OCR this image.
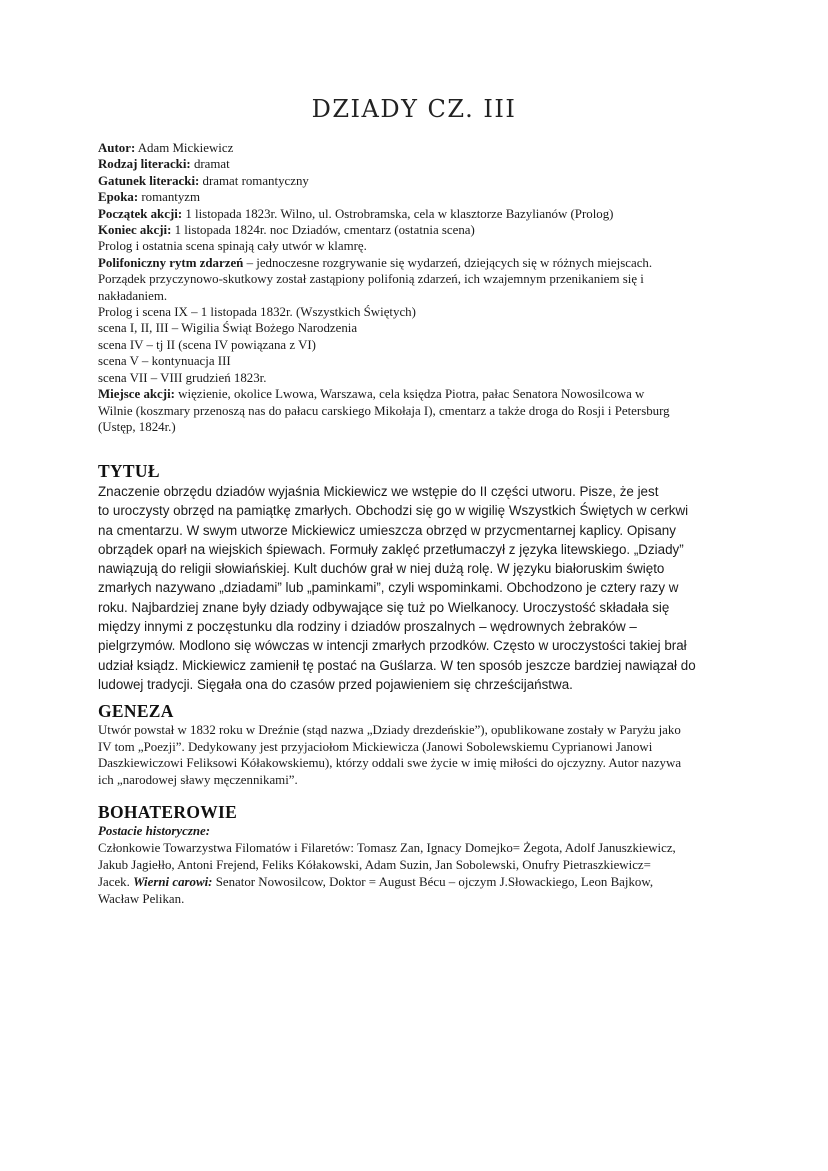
DZIADY CZ. III
Autor: Adam Mickiewicz
Rodzaj literacki: dramat
Gatunek literacki: dramat romantyczny
Epoka: romantyzm
Początek akcji: 1 listopada 1823r. Wilno, ul. Ostrobramska, cela w klasztorze Bazylianów (Prolog)
Koniec akcji: 1 listopada 1824r. noc Dziadów, cmentarz (ostatnia scena)
Prolog i ostatnia scena spinają cały utwór w klamrę.
Polifoniczny rytm zdarzeń – jednoczesne rozgrywanie się wydarzeń, dziejących się w różnych miejscach.
Porządek przyczynowo-skutkowy został zastąpiony polifonią zdarzeń, ich wzajemnym przenikaniem się i
nakładaniem.
Prolog i scena IX – 1 listopada 1832r. (Wszystkich Świętych)
scena I, II, III – Wigilia Świąt Bożego Narodzenia
scena IV – tj II (scena IV powiązana z VI)
scena V – kontynuacja III
scena VII – VIII grudzień 1823r.
Miejsce akcji: więzienie, okolice Lwowa, Warszawa, cela księdza Piotra, pałac Senatora Nowosilcowa w
Wilnie (koszmary przenoszą nas do pałacu carskiego Mikołaja I), cmentarz a także droga do Rosji i Petersburg
(Ustęp, 1824r.)
TYTUŁ
Znaczenie obrzędu dziadów wyjaśnia Mickiewicz we wstępie do II części utworu. Pisze, że jest
to uroczysty obrzęd na pamiątkę zmarłych. Obchodzi się go w wigilię Wszystkich Świętych w cerkwi
na cmentarzu. W swym utworze Mickiewicz umieszcza obrzęd w przycmentarnej kaplicy. Opisany
obrządek oparł na wiejskich śpiewach. Formuły zaklęć przetłumaczył z języka litewskiego. „Dziady”
nawiązują do religii słowiańskiej. Kult duchów grał w niej dużą rolę. W języku białoruskim święto
zmarłych nazywano „dziadami” lub „paminkami”, czyli wspominkami. Obchodzono je cztery razy w
roku. Najbardziej znane były dziady odbywające się tuż po Wielkanocy. Uroczystość składała się
między innymi z poczęstunku dla rodziny i dziadów proszalnych – wędrownych żebraków –
pielgrzymów. Modlono się wówczas w intencji zmarłych przodków. Często w uroczystości takiej brał
udział ksiądz. Mickiewicz zamienił tę postać na Guślarza. W ten sposób jeszcze bardziej nawiązał do
ludowej tradycji. Sięgała ona do czasów przed pojawieniem się chrześcijaństwa.
GENEZA
Utwór powstał w 1832 roku w Dreźnie (stąd nazwa „Dziady drezdeńskie”), opublikowane zostały w Paryżu jako
IV tom „Poezji”. Dedykowany jest przyjaciołom Mickiewicza (Janowi Sobolewskiemu Cyprianowi Janowi
Daszkiewiczowi Feliksowi Kółakowskiemu), którzy oddali swe życie w imię miłości do ojczyzny. Autor nazywa
ich „narodowej sławy męczennikami”.
BOHATEROWIE
Postacie historyczne:
Członkowie Towarzystwa Filomatów i Filaretów: Tomasz Zan, Ignacy Domejko= Żegota, Adolf Januszkiewicz,
Jakub Jagiełło, Antoni Frejend, Feliks Kółakowski, Adam Suzin, Jan Sobolewski, Onufry Pietraszkiewicz=
Jacek. Wierni carowi: Senator Nowosilcow, Doktor = August Bécu – ojczym J.Słowackiego, Leon Bajkow,
Wacław Pelikan.
